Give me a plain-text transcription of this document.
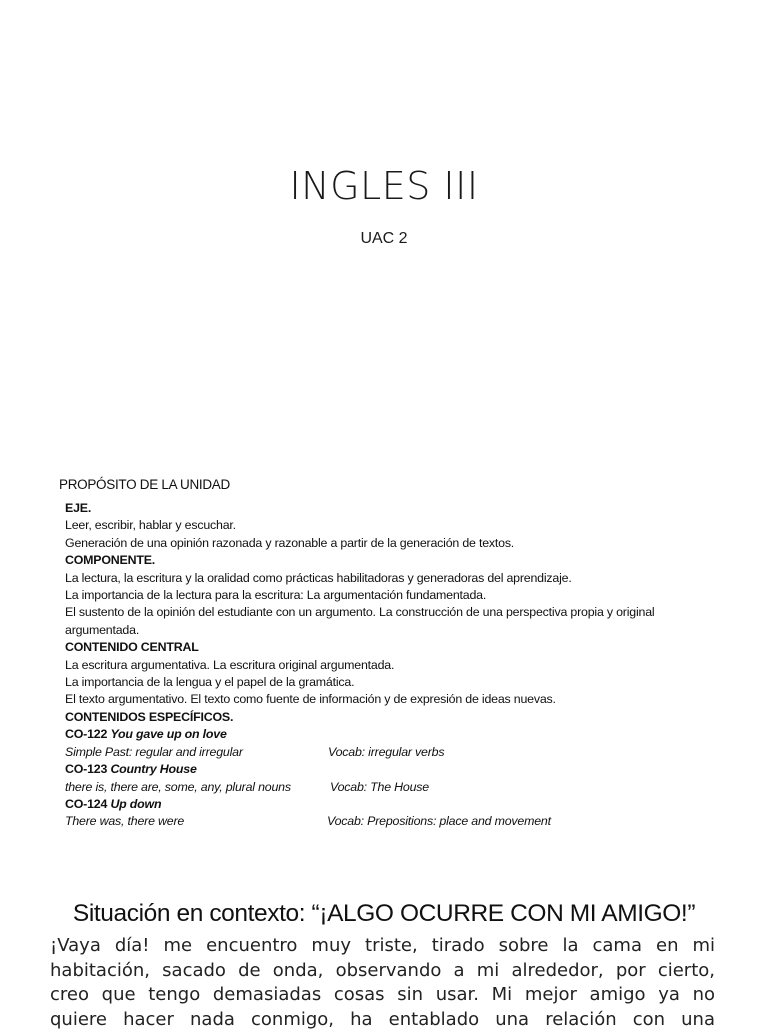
INGLES III
UAC 2
PROPÓSITO DE LA UNIDAD
EJE.
Leer, escribir, hablar y escuchar.
Generación de una opinión razonada y razonable a partir de la generación de textos.
COMPONENTE.
La lectura, la escritura y la oralidad como prácticas habilitadoras y generadoras del aprendizaje.
La importancia de la lectura para la escritura: La argumentación fundamentada.
El sustento de la opinión del estudiante con un argumento. La construcción de una perspectiva propia y original argumentada.
CONTENIDO CENTRAL
La escritura argumentativa. La escritura original argumentada.
La importancia de la lengua y el papel de la gramática.
El texto argumentativo. El texto como fuente de información y de expresión de ideas nuevas.
CONTENIDOS ESPECÍFICOS.
CO-122 You gave up on love
Simple Past: regular and irregular	Vocab: irregular verbs
CO-123 Country House
there is, there are, some, any, plural nouns	Vocab: The House
CO-124 Up down
There was, there were	Vocab: Prepositions: place and movement
Situación en contexto: “¡ALGO OCURRE CON MI AMIGO!”
¡Vaya día! me encuentro muy triste, tirado sobre la cama en mi
habitación, sacado de onda, observando a mi alrededor, por cierto,
creo que tengo demasiadas cosas sin usar. Mi mejor amigo ya no
quiere hacer nada conmigo, ha entablado una relación con una
